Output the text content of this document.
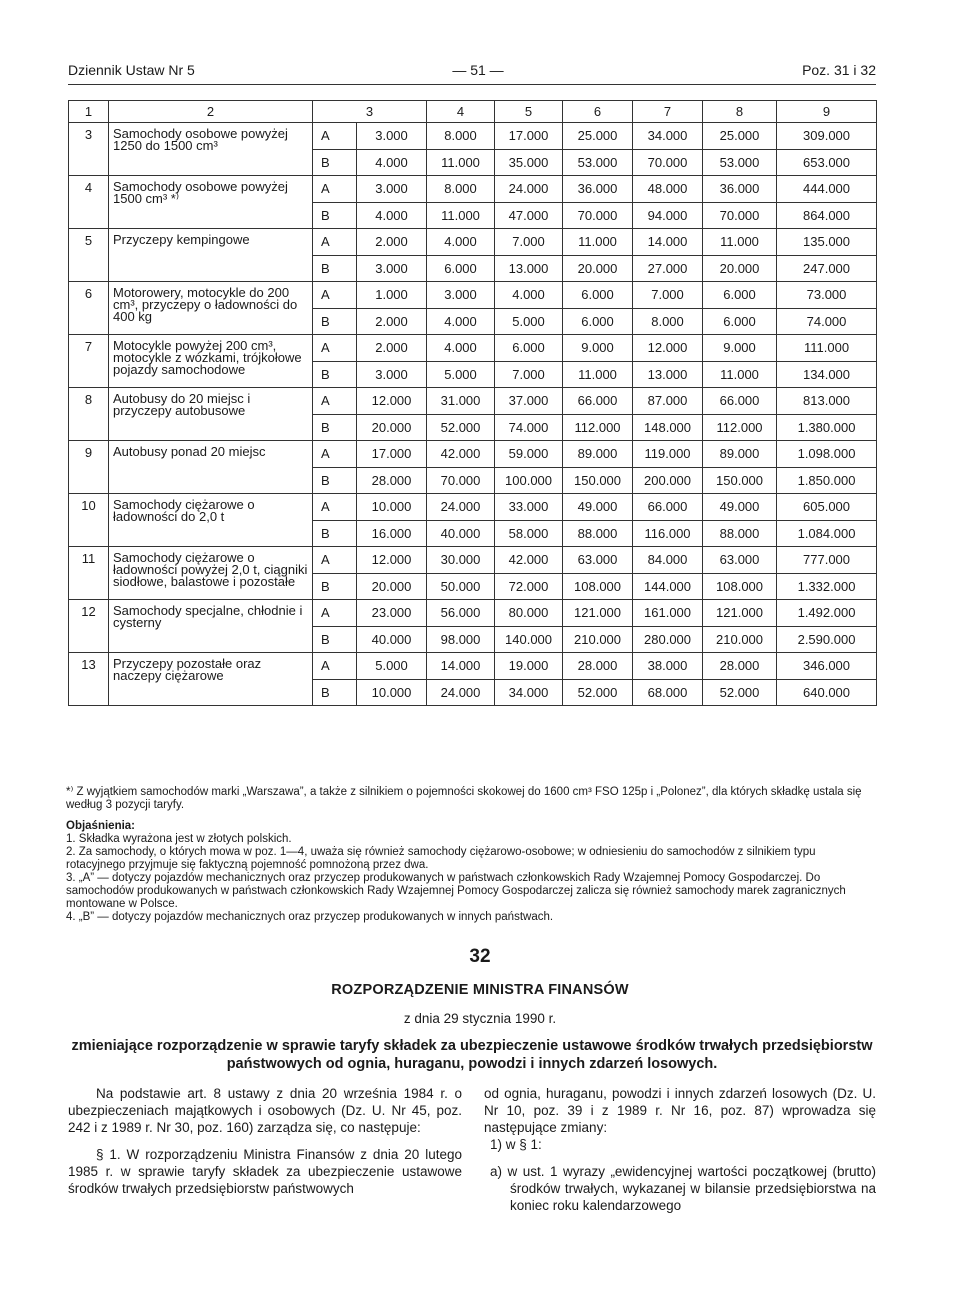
Dziennik Ustaw Nr 5	— 51 —	Poz. 31 i 32
1	2	3		4	5	6	7	8	9
3	Samochody osobowe powyżej 1250 do 1500 cm³	A	3.000	8.000	17.000	25.000	34.000	25.000	309.000
		B	4.000	11.000	35.000	53.000	70.000	53.000	653.000
4	Samochody osobowe powyżej 1500 cm³ *⁾	A	3.000	8.000	24.000	36.000	48.000	36.000	444.000
		B	4.000	11.000	47.000	70.000	94.000	70.000	864.000
5	Przyczepy kempingowe	A	2.000	4.000	7.000	11.000	14.000	11.000	135.000
		B	3.000	6.000	13.000	20.000	27.000	20.000	247.000
6	Motorowery, motocykle do 200 cm³, przyczepy o ładowności do 400 kg	A	1.000	3.000	4.000	6.000	7.000	6.000	73.000
		B	2.000	4.000	5.000	6.000	8.000	6.000	74.000
7	Motocykle powyżej 200 cm³, motocykle z wózkami, trójkołowe pojazdy samochodowe	A	2.000	4.000	6.000	9.000	12.000	9.000	111.000
		B	3.000	5.000	7.000	11.000	13.000	11.000	134.000
8	Autobusy do 20 miejsc i przyczepy autobusowe	A	12.000	31.000	37.000	66.000	87.000	66.000	813.000
		B	20.000	52.000	74.000	112.000	148.000	112.000	1.380.000
9	Autobusy ponad 20 miejsc	A	17.000	42.000	59.000	89.000	119.000	89.000	1.098.000
		B	28.000	70.000	100.000	150.000	200.000	150.000	1.850.000
10	Samochody ciężarowe o ładowności do 2,0 t	A	10.000	24.000	33.000	49.000	66.000	49.000	605.000
		B	16.000	40.000	58.000	88.000	116.000	88.000	1.084.000
11	Samochody ciężarowe o ładowności powyżej 2,0 t, ciągniki siodłowe, balastowe i pozostałe	A	12.000	30.000	42.000	63.000	84.000	63.000	777.000
		B	20.000	50.000	72.000	108.000	144.000	108.000	1.332.000
12	Samochody specjalne, chłodnie i cysterny	A	23.000	56.000	80.000	121.000	161.000	121.000	1.492.000
		B	40.000	98.000	140.000	210.000	280.000	210.000	2.590.000
13	Przyczepy pozostałe oraz naczepy ciężarowe	A	5.000	14.000	19.000	28.000	38.000	28.000	346.000
		B	10.000	24.000	34.000	52.000	68.000	52.000	640.000

*⁾ Z wyjątkiem samochodów marki „Warszawa”, a także z silnikiem o pojemności skokowej do 1600 cm³ FSO 125p i „Polonez”, dla których składkę ustala się według 3 pozycji taryfy.

Objaśnienia:

1. Składka wyrażona jest w złotych polskich.

2. Za samochody, o których mowa w poz. 1—4, uważa się również samochody ciężarowo-osobowe; w odniesieniu do samochodów z silnikiem typu rotacyjnego przyjmuje się faktyczną pojemność pomnożoną przez dwa.

3. „A” — dotyczy pojazdów mechanicznych oraz przyczep produkowanych w państwach członkowskich Rady Wzajemnej Pomocy Gospodarczej. Do samochodów produkowanych w państwach członkowskich Rady Wzajemnej Pomocy Gospodarczej zalicza się również samochody marek zagranicznych montowane w Polsce.

4. „B” — dotyczy pojazdów mechanicznych oraz przyczep produkowanych w innych państwach.

32
ROZPORZĄDZENIE MINISTRA FINANSÓW
z dnia 29 stycznia 1990 r.
zmieniające rozporządzenie w sprawie taryfy składek za ubezpieczenie ustawowe środków trwałych przedsiębiorstw państwowych od ognia, huraganu, powodzi i innych zdarzeń losowych.

Na podstawie art. 8 ustawy z dnia 20 września 1984 r. o ubezpieczeniach majątkowych i osobowych (Dz. U. Nr 45, poz. 242 i z 1989 r. Nr 30, poz. 160) zarządza się, co następuje:

§ 1. W rozporządzeniu Ministra Finansów z dnia 20 lutego 1985 r. w sprawie taryfy składek za ubezpieczenie ustawowe środków trwałych przedsiębiorstw państwowych

od ognia, huraganu, powodzi i innych zdarzeń losowych (Dz. U. Nr 10, poz. 39 i z 1989 r. Nr 16, poz. 87) wprowadza się następujące zmiany:

1) w § 1:

a) w ust. 1 wyrazy „ewidencyjnej wartości początkowej (brutto) środków trwałych, wykazanej w bilansie przedsiębiorstwa na koniec roku kalendarzowego
